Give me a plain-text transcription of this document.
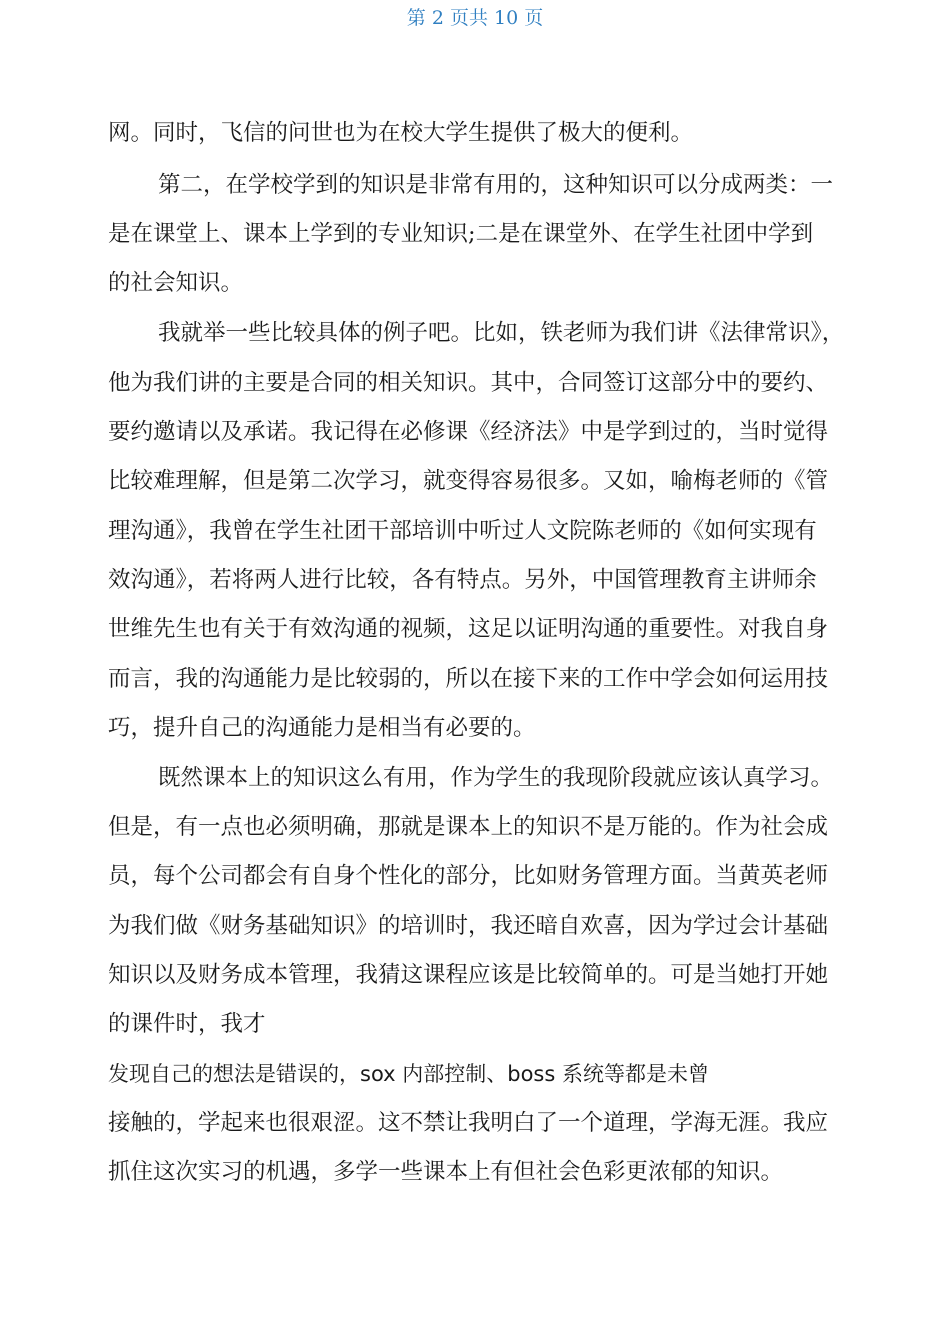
第 2 页共 10 页
网。同时，飞信的问世也为在校大学生提供了极大的便利。
第二，在学校学到的知识是非常有用的，这种知识可以分成两类：一
是在课堂上、课本上学到的专业知识;二是在课堂外、在学生社团中学到
的社会知识。
我就举一些比较具体的例子吧。比如，铁老师为我们讲《法律常识》，
他为我们讲的主要是合同的相关知识。其中，合同签订这部分中的要约、
要约邀请以及承诺。我记得在必修课《经济法》中是学到过的，当时觉得
比较难理解，但是第二次学习，就变得容易很多。又如，喻梅老师的《管
理沟通》，我曾在学生社团干部培训中听过人文院陈老师的《如何实现有
效沟通》，若将两人进行比较，各有特点。另外，中国管理教育主讲师余
世维先生也有关于有效沟通的视频，这足以证明沟通的重要性。对我自身
而言，我的沟通能力是比较弱的，所以在接下来的工作中学会如何运用技
巧，提升自己的沟通能力是相当有必要的。
既然课本上的知识这么有用，作为学生的我现阶段就应该认真学习。
但是，有一点也必须明确，那就是课本上的知识不是万能的。作为社会成
员，每个公司都会有自身个性化的部分，比如财务管理方面。当黄英老师
为我们做《财务基础知识》的培训时，我还暗自欢喜，因为学过会计基础
知识以及财务成本管理，我猜这课程应该是比较简单的。可是当她打开她
的课件时，我才
发现自己的想法是错误的，sox 内部控制、boss 系统等都是未曾
接触的，学起来也很艰涩。这不禁让我明白了一个道理，学海无涯。我应
抓住这次实习的机遇，多学一些课本上有但社会色彩更浓郁的知识。
